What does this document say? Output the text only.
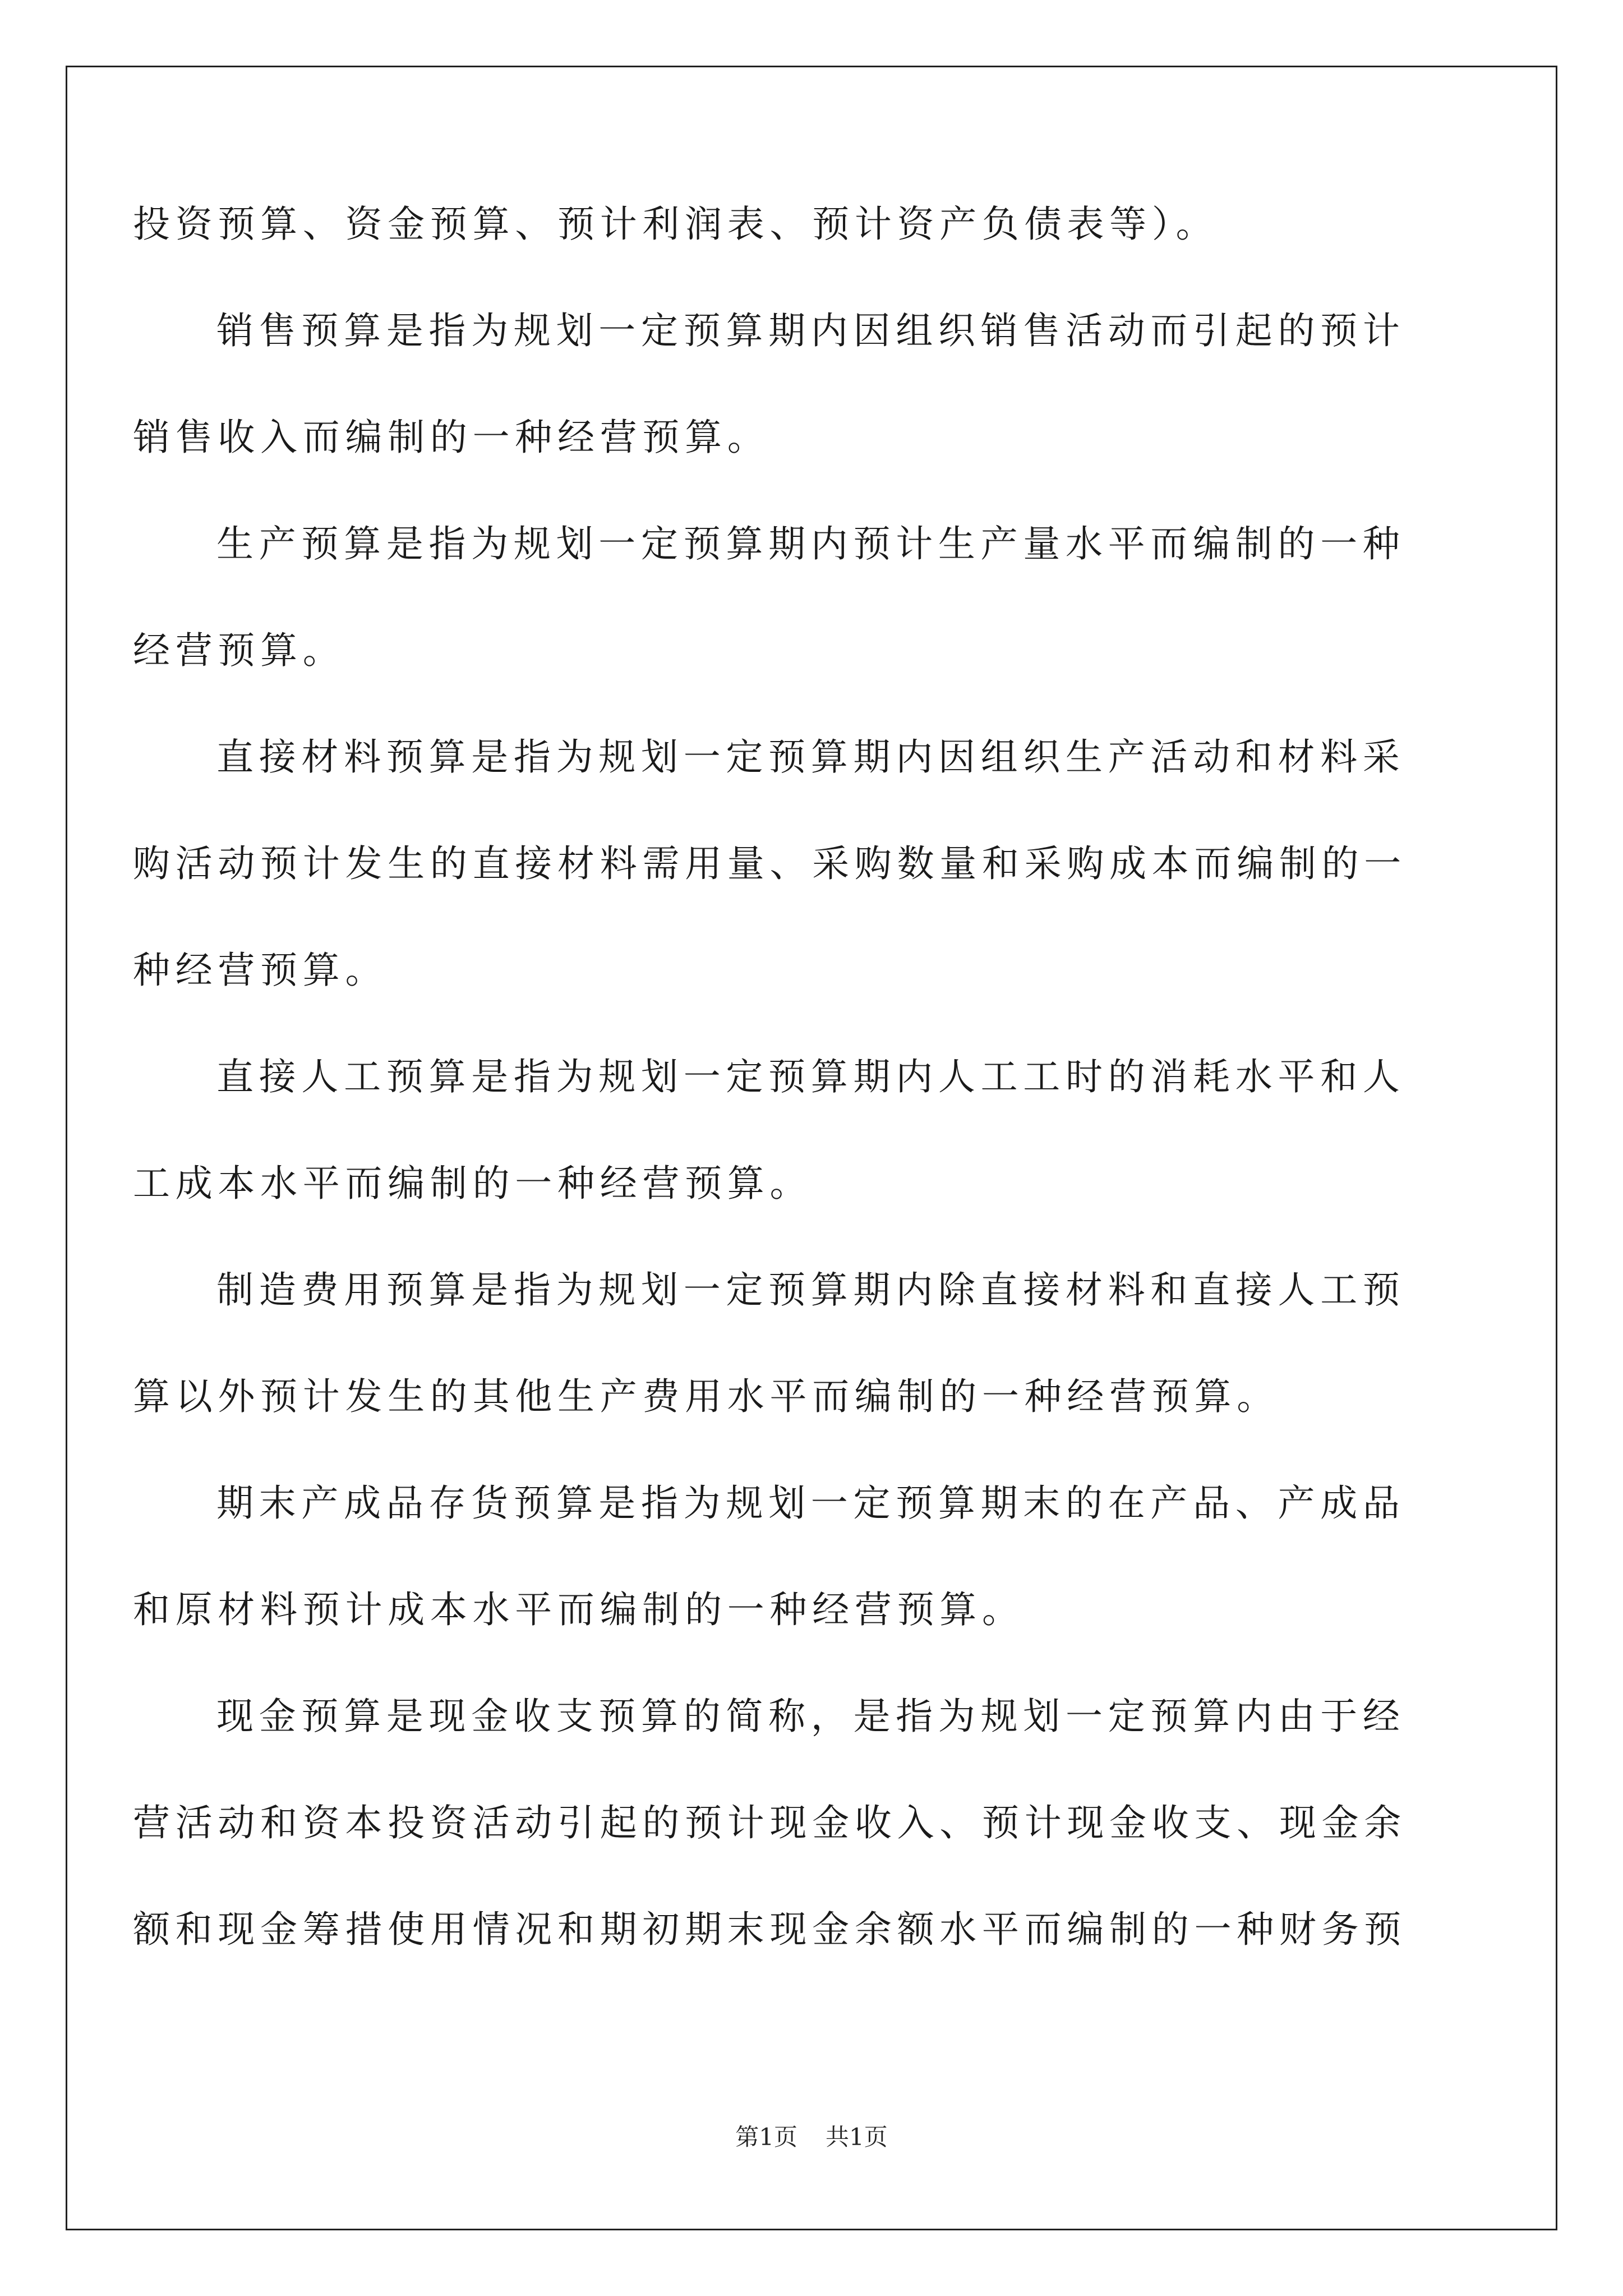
投资预算、资金预算、预计利润表、预计资产负债表等）。
销售预算是指为规划一定预算期内因组织销售活动而引起的预计
销售收入而编制的一种经营预算。
生产预算是指为规划一定预算期内预计生产量水平而编制的一种
经营预算。
直接材料预算是指为规划一定预算期内因组织生产活动和材料采
购活动预计发生的直接材料需用量、采购数量和采购成本而编制的一
种经营预算。
直接人工预算是指为规划一定预算期内人工工时的消耗水平和人
工成本水平而编制的一种经营预算。
制造费用预算是指为规划一定预算期内除直接材料和直接人工预
算以外预计发生的其他生产费用水平而编制的一种经营预算。
期末产成品存货预算是指为规划一定预算期末的在产品、产成品
和原材料预计成本水平而编制的一种经营预算。
现金预算是现金收支预算的简称，是指为规划一定预算内由于经
营活动和资本投资活动引起的预计现金收入、预计现金收支、现金余
额和现金筹措使用情况和期初期末现金余额水平而编制的一种财务预
第1页 共1页
